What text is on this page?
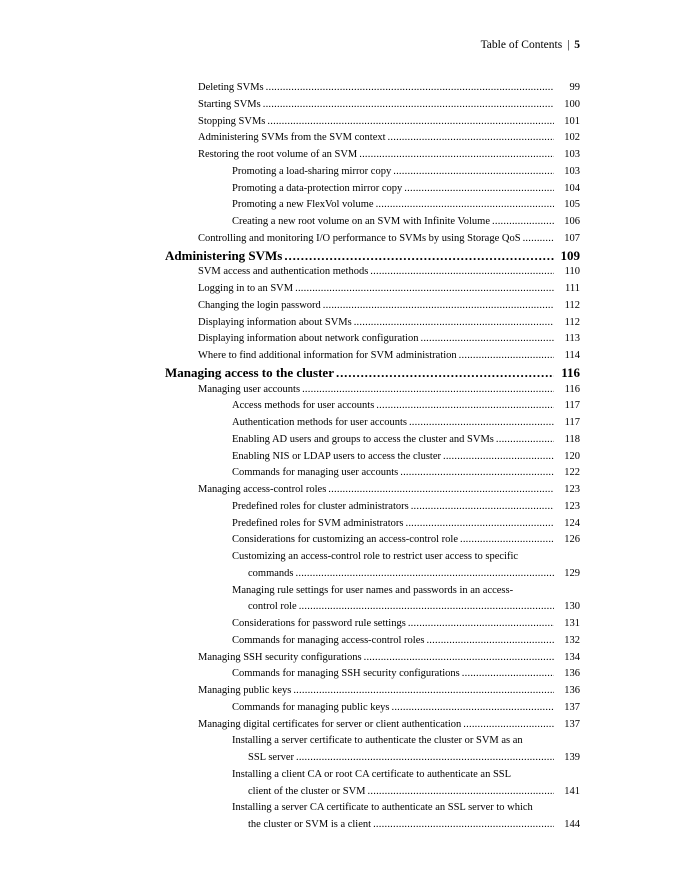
Table of Contents | 5
Deleting SVMs . . .	99
Starting SVMs . . .	100
Stopping SVMs . . .	101
Administering SVMs from the SVM context . . .	102
Restoring the root volume of an SVM . . .	103
Promoting a load-sharing mirror copy . . .	103
Promoting a data-protection mirror copy . . .	104
Promoting a new FlexVol volume . . .	105
Creating a new root volume on an SVM with Infinite Volume . . .	106
Controlling and monitoring I/O performance to SVMs by using Storage QoS . . .	107
Administering SVMs . . .	109
SVM access and authentication methods . . .	110
Logging in to an SVM . . .	111
Changing the login password . . .	112
Displaying information about SVMs . . .	112
Displaying information about network configuration . . .	113
Where to find additional information for SVM administration . . .	114
Managing access to the cluster . . .	116
Managing user accounts . . .	116
Access methods for user accounts . . .	117
Authentication methods for user accounts . . .	117
Enabling AD users and groups to access the cluster and SVMs . . .	118
Enabling NIS or LDAP users to access the cluster . . .	120
Commands for managing user accounts . . .	122
Managing access-control roles . . .	123
Predefined roles for cluster administrators . . .	123
Predefined roles for SVM administrators . . .	124
Considerations for customizing an access-control role . . .	126
Customizing an access-control role to restrict user access to specific
commands . . .	129
Managing rule settings for user names and passwords in an access-
control role . . .	130
Considerations for password rule settings . . .	131
Commands for managing access-control roles . . .	132
Managing SSH security configurations . . .	134
Commands for managing SSH security configurations . . .	136
Managing public keys . . .	136
Commands for managing public keys . . .	137
Managing digital certificates for server or client authentication . . .	137
Installing a server certificate to authenticate the cluster or SVM as an
SSL server . . .	139
Installing a client CA or root CA certificate to authenticate an SSL
client of the cluster or SVM . . .	141
Installing a server CA certificate to authenticate an SSL server to which
the cluster or SVM is a client . . .	144
